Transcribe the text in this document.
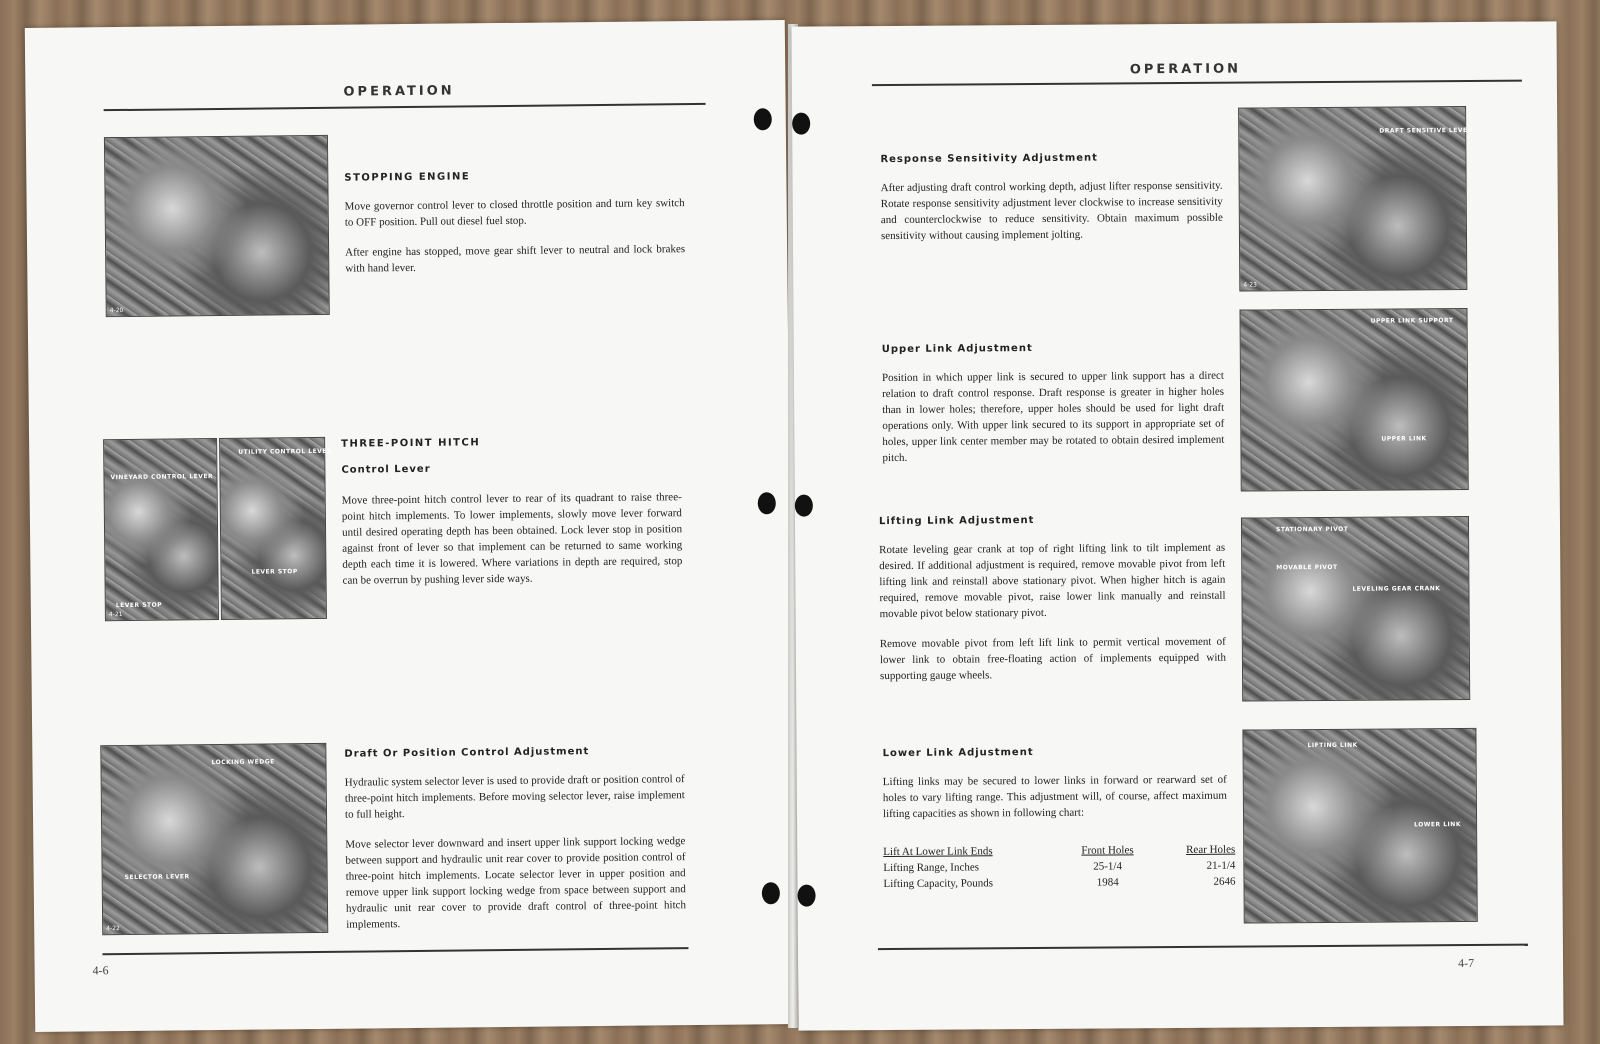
OPERATION
4-20
STOPPING ENGINE

Move governor control lever to closed throttle position and turn key switch to OFF position. Pull out diesel fuel stop.

After engine has stopped, move gear shift lever to neutral and lock brakes with hand lever.

VINEYARD CONTROL LEVER
LEVER STOP
4-21
UTILITY CONTROL LEVER
LEVER STOP
THREE-POINT HITCH
Control Lever

Move three-point hitch control lever to rear of its quadrant to raise three-point hitch implements. To lower implements, slowly move lever forward until desired operating depth has been obtained. Lock lever stop in position against front of lever so that implement can be returned to same working depth each time it is lowered. Where variations in depth are required, stop can be overrun by pushing lever side ways.

LOCKING WEDGE
SELECTOR LEVER
4-22
Draft Or Position Control Adjustment

Hydraulic system selector lever is used to provide draft or position control of three-point hitch implements. Before moving selector lever, raise implement to full height.

Move selector lever downward and insert upper link support locking wedge between support and hydraulic unit rear cover to provide position control of three-point hitch implements. Locate selector lever in upper position and remove upper link support locking wedge from space between support and hydraulic unit rear cover to provide draft control of three-point hitch implements.

4-6
OPERATION
DRAFT SENSITIVE LEVER
4-23
Response Sensitivity Adjustment

After adjusting draft control working depth, adjust lifter response sensitivity. Rotate response sensitivity adjustment lever clockwise to increase sensitivity and counterclockwise to reduce sensitivity. Obtain maximum possible sensitivity without causing implement jolting.

UPPER LINK SUPPORT
UPPER LINK
Upper Link Adjustment

Position in which upper link is secured to upper link support has a direct relation to draft control response. Draft response is greater in higher holes than in lower holes; therefore, upper holes should be used for light draft operations only. With upper link secured to its support in appropriate set of holes, upper link center member may be rotated to obtain desired implement pitch.

STATIONARY PIVOT
MOVABLE PIVOT
LEVELING GEAR CRANK
Lifting Link Adjustment

Rotate leveling gear crank at top of right lifting link to tilt implement as desired. If additional adjustment is required, remove movable pivot from left lifting link and reinstall above stationary pivot. When higher hitch is again required, remove movable pivot, raise lower link manually and reinstall movable pivot below stationary pivot.

Remove movable pivot from left lift link to permit vertical movement of lower link to obtain free-floating action of implements equipped with supporting gauge wheels.

LIFTING LINK
LOWER LINK
Lower Link Adjustment

Lifting links may be secured to lower links in forward or rearward set of holes to vary lifting range. This adjustment will, of course, affect maximum lifting capacities as shown in following chart:

Lift At Lower Link Ends	Front Holes	Rear Holes
Lifting Range, Inches	25-1/4	21-1/4
Lifting Capacity, Pounds	1984	2646
4-7
